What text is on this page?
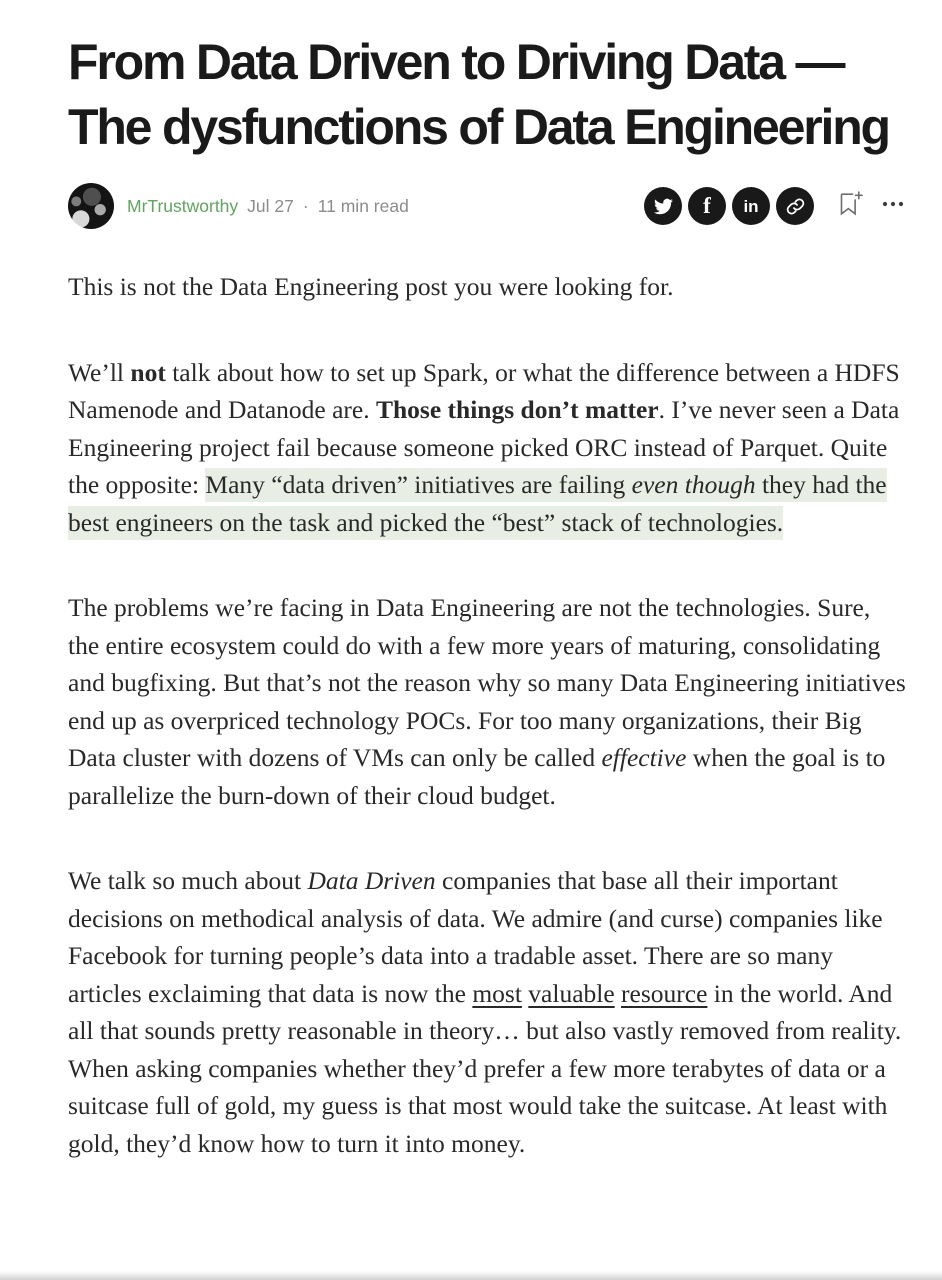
From Data Driven to Driving Data — The dysfunctions of Data Engineering
MrTrustworthy Jul 27 · 11 min read	f in

This is not the Data Engineering post you were looking for.

We’ll not talk about how to set up Spark, or what the difference between a HDFS Namenode and Datanode are. Those things don’t matter. I’ve never seen a Data Engineering project fail because someone picked ORC instead of Parquet. Quite the opposite: Many “data driven” initiatives are failing even though they had the best engineers on the task and picked the “best” stack of technologies.

The problems we’re facing in Data Engineering are not the technologies. Sure, the entire ecosystem could do with a few more years of maturing, consolidating and bugfixing. But that’s not the reason why so many Data Engineering initiatives end up as overpriced technology POCs. For too many organizations, their Big Data cluster with dozens of VMs can only be called effective when the goal is to parallelize the burn-down of their cloud budget.

We talk so much about Data Driven companies that base all their important decisions on methodical analysis of data. We admire (and curse) companies like Facebook for turning people’s data into a tradable asset. There are so many articles exclaiming that data is now the most valuable resource in the world. And all that sounds pretty reasonable in theory… but also vastly removed from reality. When asking companies whether they’d prefer a few more terabytes of data or a suitcase full of gold, my guess is that most would take the suitcase. At least with gold, they’d know how to turn it into money.
